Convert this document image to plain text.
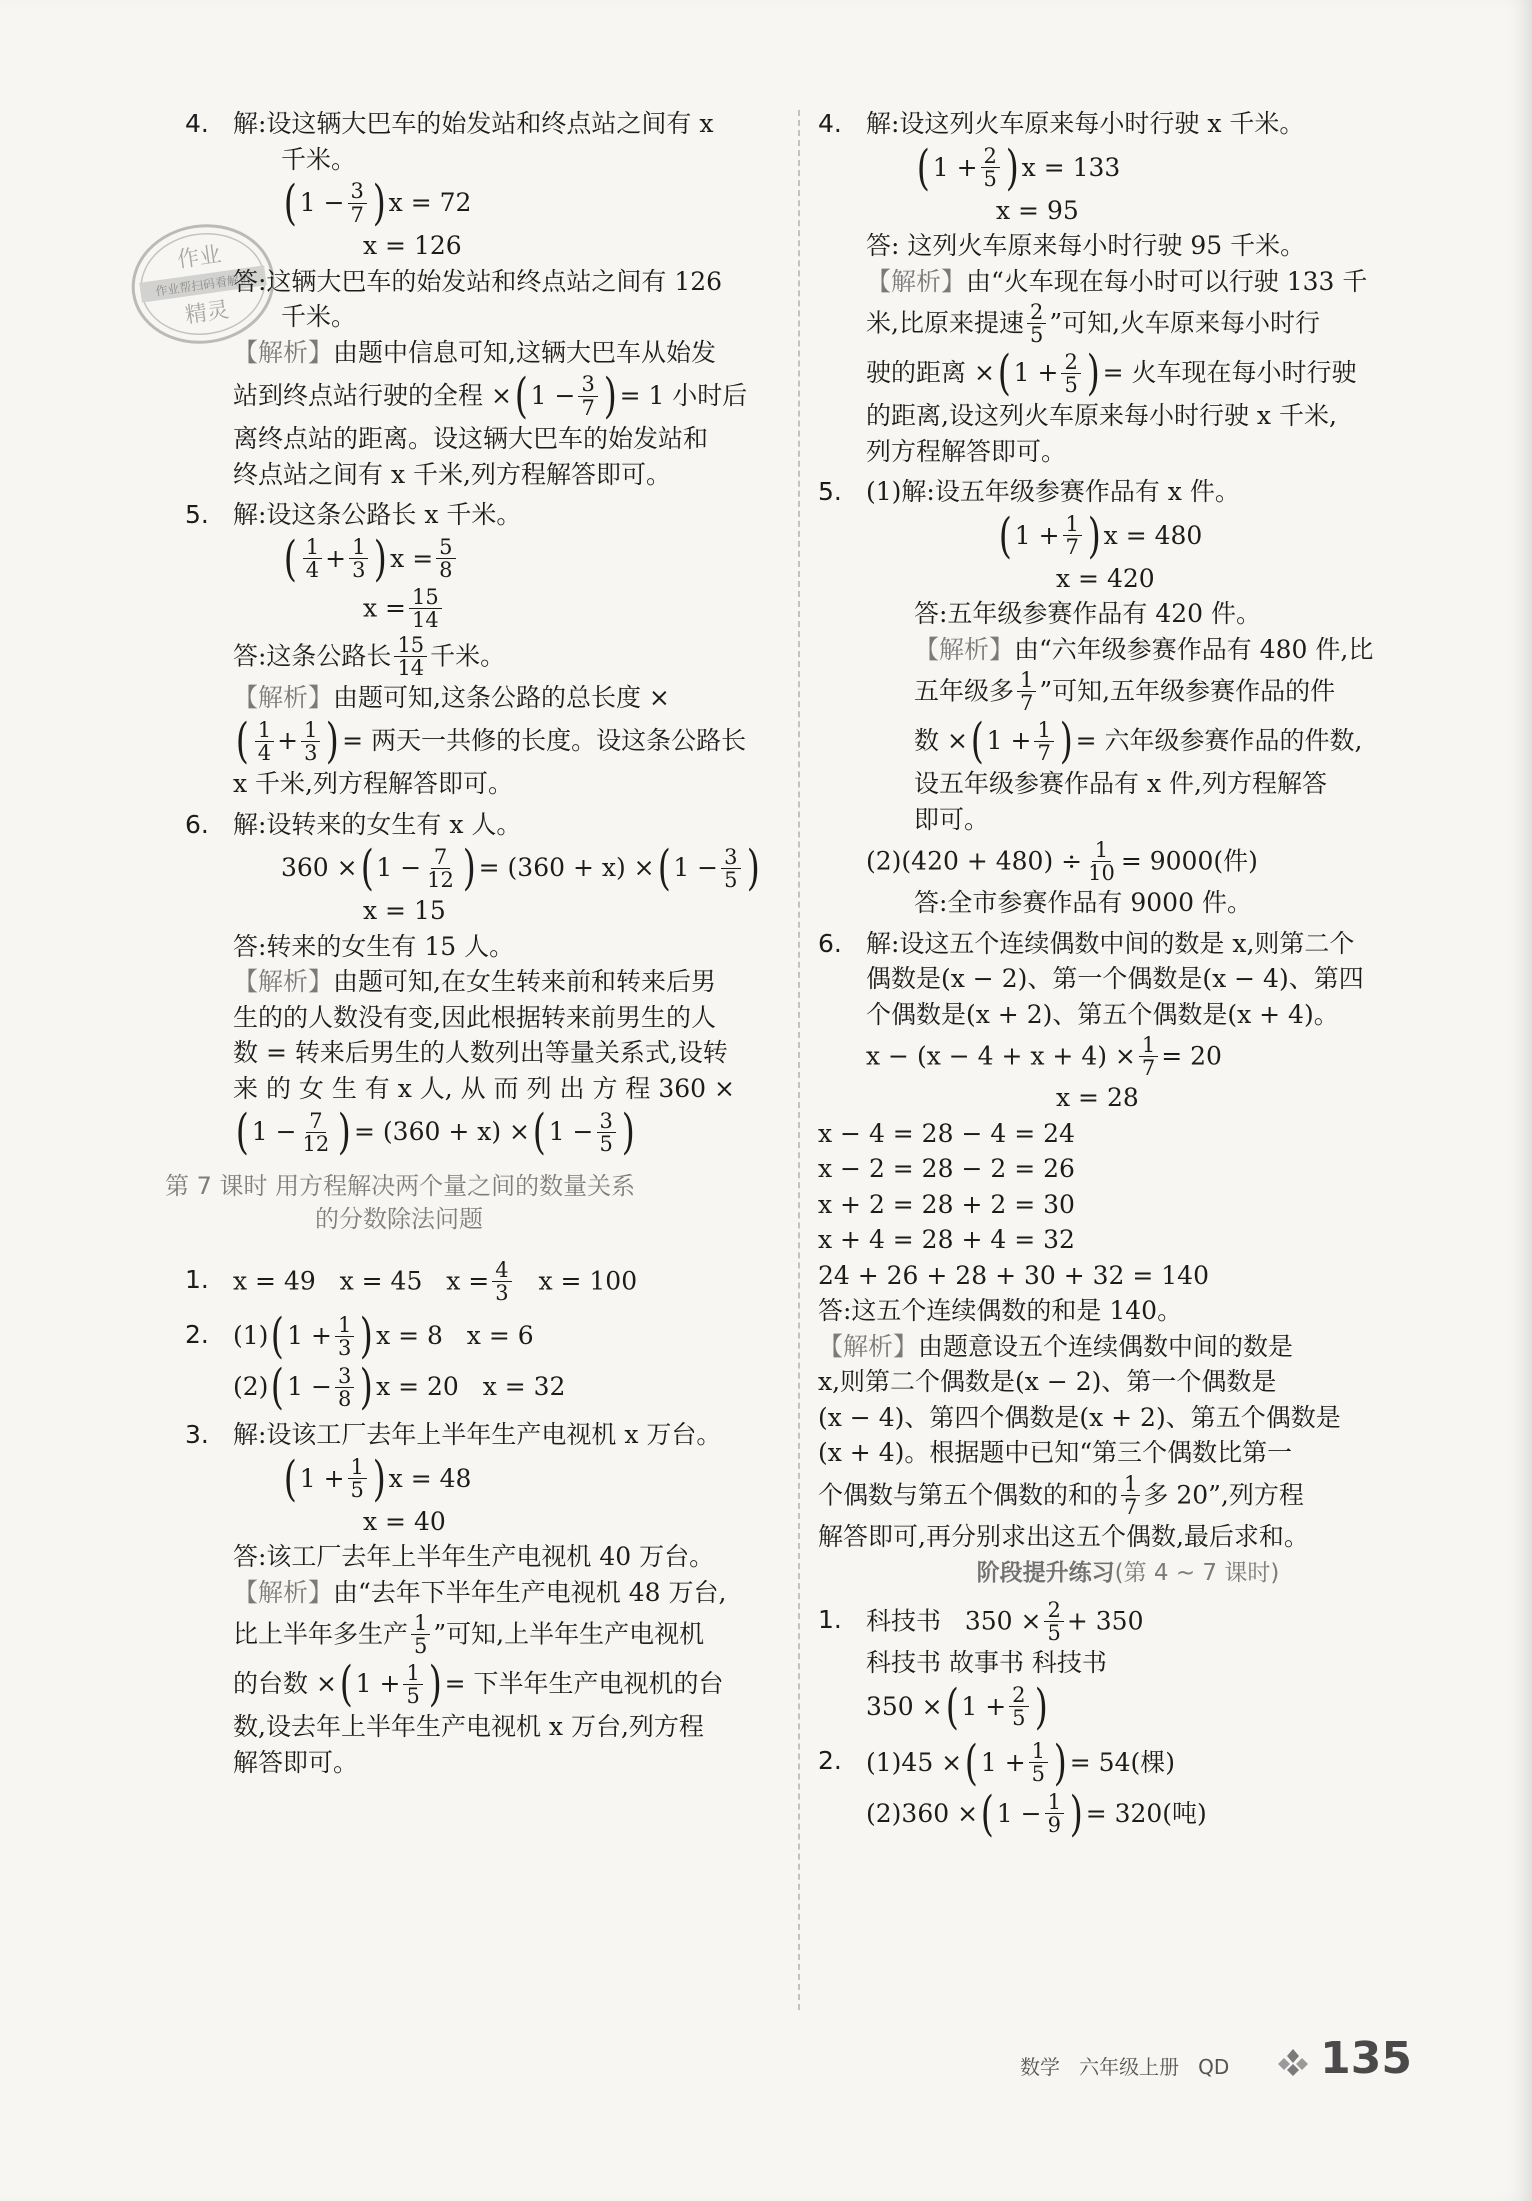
作业
作业帮扫码看解析
精灵
4. 解:设这辆大巴车的始发站和终点站之间有 x
千米。
( $1 - \frac{3}{7}$ ) x = 72
x = 126
答:这辆大巴车的始发站和终点站之间有 126
千米。
【解析】由题中信息可知,这辆大巴车从始发
站到终点站行驶的全程 ×( $1 - \frac{3}{7}$ ) = 1 小时后
离终点站的距离。设这辆大巴车的始发站和
终点站之间有 x 千米,列方程解答即可。
5. 解:设这条公路长 x 千米。
( $\frac{1}{4} + \frac{1}{3}$ ) $x = \frac{5}{8}$
$x = \frac{15}{14}$
答:这条公路长 $\frac{15}{14}$ 千米。
【解析】由题可知,这条公路的总长度 ×
( $\frac{1}{4} + \frac{1}{3}$ ) = 两天一共修的长度。设这条公路长
x 千米,列方程解答即可。
6. 解:设转来的女生有 x 人。
360 ×( $1 - \frac{7}{12}$ ) = (360 + x) ×( $1 - \frac{3}{5}$ )
x = 15
答:转来的女生有 15 人。
【解析】由题可知,在女生转来前和转来后男
生的的人数没有变,因此根据转来前男生的人
数 = 转来后男生的人数列出等量关系式,设转
来 的 女 生 有 x 人, 从 而 列 出 方 程 360 ×
( $1 - \frac{7}{12}$ ) = (360 + x) ×( $1 - \frac{3}{5}$ )
第 7 课时 用方程解决两个量之间的数量关系
的分数除法问题
1. x = 49 x = 45 $x = \frac{4}{3}$ x = 100
2. (1)( $1 + \frac{1}{3}$ ) x = 8 x = 6
(2)( $1 - \frac{3}{8}$ ) x = 20 x = 32
3. 解:设该工厂去年上半年生产电视机 x 万台。
( $1 + \frac{1}{5}$ ) x = 48
x = 40
答:该工厂去年上半年生产电视机 40 万台。
【解析】由“去年下半年生产电视机 48 万台,
比上半年多生产 $\frac{1}{5}$ ”可知,上半年生产电视机
的台数 ×( $1 + \frac{1}{5}$ ) = 下半年生产电视机的台
数,设去年上半年生产电视机 x 万台,列方程
解答即可。
4. 解:设这列火车原来每小时行驶 x 千米。
( $1 + \frac{2}{5}$ ) x = 133
x = 95
答: 这列火车原来每小时行驶 95 千米。
【解析】由“火车现在每小时可以行驶 133 千
米,比原来提速 $\frac{2}{5}$ ”可知,火车原来每小时行
驶的距离 ×( $1 + \frac{2}{5}$ ) = 火车现在每小时行驶
的距离,设这列火车原来每小时行驶 x 千米,
列方程解答即可。
5. (1)解:设五年级参赛作品有 x 件。
( $1 + \frac{1}{7}$ ) x = 480
x = 420
答:五年级参赛作品有 420 件。
【解析】由“六年级参赛作品有 480 件,比
五年级多 $\frac{1}{7}$ ”可知,五年级参赛作品的件
数 ×( $1 + \frac{1}{7}$ ) = 六年级参赛作品的件数,
设五年级参赛作品有 x 件,列方程解答
即可。
$(2)(420 + 480) \div \frac{1}{10} = 9000$(件)
答:全市参赛作品有 9000 件。
6. 解:设这五个连续偶数中间的数是 x,则第二个
偶数是(x − 2)、第一个偶数是(x − 4)、第四
个偶数是(x + 2)、第五个偶数是(x + 4)。
$x - (x - 4 + x + 4) \times \frac{1}{7} = 20$
x = 28
x − 4 = 28 − 4 = 24
x − 2 = 28 − 2 = 26
x + 2 = 28 + 2 = 30
x + 4 = 28 + 4 = 32
24 + 26 + 28 + 30 + 32 = 140
答:这五个连续偶数的和是 140。
【解析】由题意设五个连续偶数中间的数是
x,则第二个偶数是(x − 2)、第一个偶数是
(x − 4)、第四个偶数是(x + 2)、第五个偶数是
(x + 4)。根据题中已知“第三个偶数比第一
个偶数与第五个偶数的和的 $\frac{1}{7}$ 多 20”,列方程
解答即可,再分别求出这五个偶数,最后求和。
阶段提升练习(第 4 ~ 7 课时)
1. 科技书 $350 \times \frac{2}{5} + 350$
科技书 故事书 科技书
350 ×( $1 + \frac{2}{5}$ )
2. (1)45 ×( $1 + \frac{1}{5}$ ) = 54(棵)
(2)360 ×( $1 - \frac{1}{9}$ ) = 320(吨)
数学 六年级上册 QD 135
